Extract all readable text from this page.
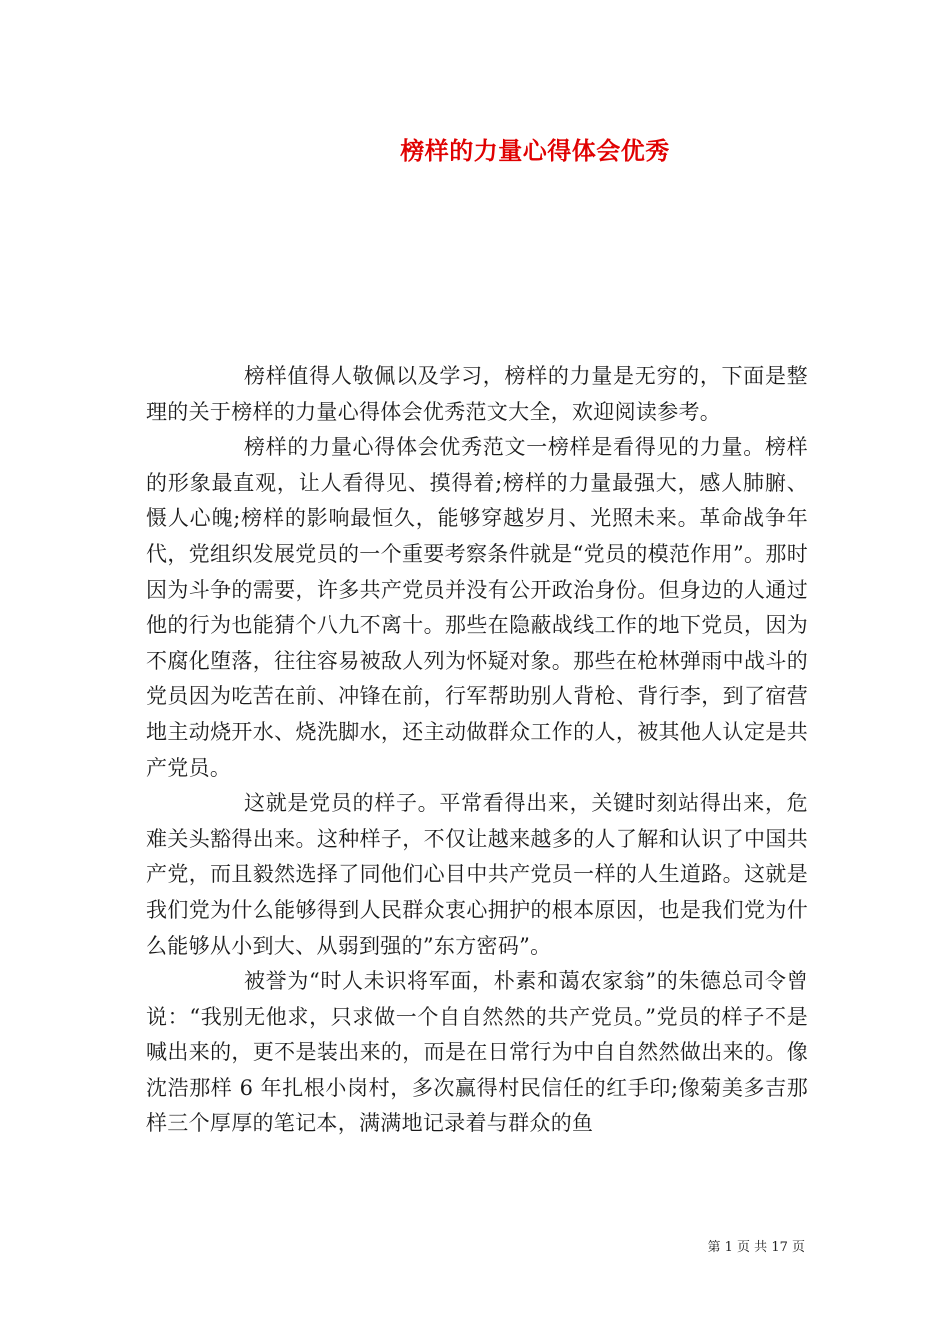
榜样的力量心得体会优秀

榜样值得人敬佩以及学习，榜样的力量是无穷的，下面是整理的关于榜样的力量心得体会优秀范文大全，欢迎阅读参考。

榜样的力量心得体会优秀范文一榜样是看得见的力量。榜样的形象最直观，让人看得见、摸得着;榜样的力量最强大，感人肺腑、慑人心魄;榜样的影响最恒久，能够穿越岁月、光照未来。革命战争年代，党组织发展党员的一个重要考察条件就是“党员的模范作用”。那时因为斗争的需要，许多共产党员并没有公开政治身份。但身边的人通过他的行为也能猜个八九不离十。那些在隐蔽战线工作的地下党员，因为不腐化堕落，往往容易被敌人列为怀疑对象。那些在枪林弹雨中战斗的党员因为吃苦在前、冲锋在前，行军帮助别人背枪、背行李，到了宿营地主动烧开水、烧洗脚水，还主动做群众工作的人，被其他人认定是共产党员。

这就是党员的样子。平常看得出来，关键时刻站得出来，危难关头豁得出来。这种样子，不仅让越来越多的人了解和认识了中国共产党，而且毅然选择了同他们心目中共产党员一样的人生道路。这就是我们党为什么能够得到人民群众衷心拥护的根本原因，也是我们党为什么能够从小到大、从弱到强的”东方密码”。

被誉为“时人未识将军面，朴素和蔼农家翁”的朱德总司令曾说：“我别无他求，只求做一个自自然然的共产党员。”党员的样子不是喊出来的，更不是装出来的，而是在日常行为中自自然然做出来的。像沈浩那样 6 年扎根小岗村，多次赢得村民信任的红手印;像菊美多吉那样三个厚厚的笔记本，满满地记录着与群众的鱼

第 1 页 共 17 页
